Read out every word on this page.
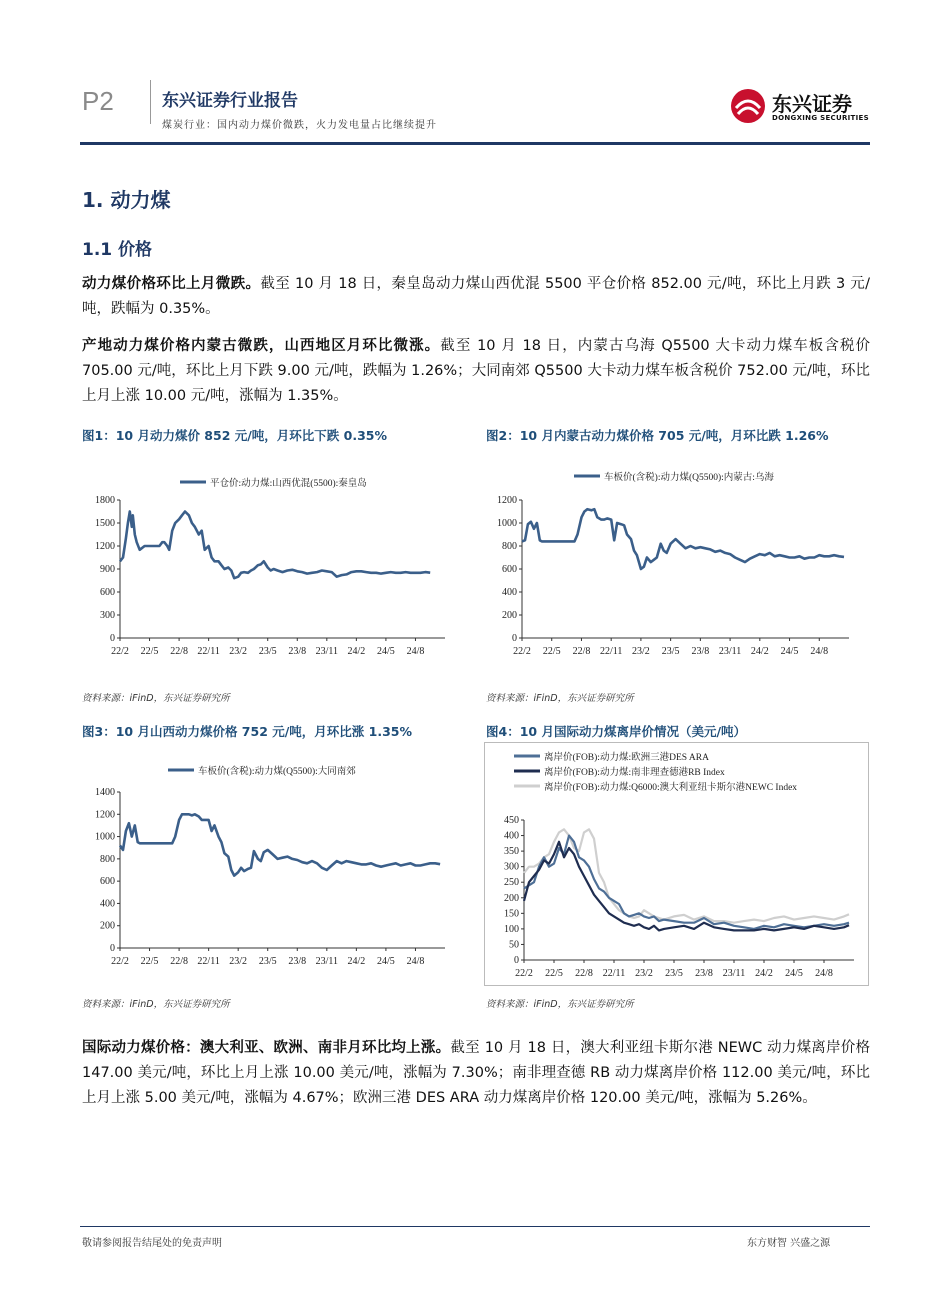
P2	东兴证券行业报告
煤炭行业：国内动力煤价微跌，火力发电量占比继续提升
东兴证券
DONGXING SECURITIES
1. 动力煤
1.1 价格
动力煤价格环比上月微跌。截至 10 月 18 日，秦皇岛动力煤山西优混 5500 平仓价格 852.00 元/吨，环比上月跌 3 元/吨，跌幅为 0.35%。
产地动力煤价格内蒙古微跌，山西地区月环比微涨。截至 10 月 18 日，内蒙古乌海 Q5500 大卡动力煤车板含税价 705.00 元/吨，环比上月下跌 9.00 元/吨，跌幅为 1.26%；大同南郊 Q5500 大卡动力煤车板含税价 752.00 元/吨，环比上月上涨 10.00 元/吨，涨幅为 1.35%。
图1：10 月动力煤价 852 元/吨，月环比下跌 0.35%	图2：10 月内蒙古动力煤价格 705 元/吨，月环比跌 1.26%
图3：10 月山西动力煤价格 752 元/吨，月环比涨 1.35%	图4：10 月国际动力煤离岸价情况（美元/吨）
资料来源：iFinD，东兴证券研究所	资料来源：iFinD，东兴证券研究所
资料来源：iFinD，东兴证券研究所	资料来源：iFinD，东兴证券研究所
0
300
600
900
1200
1500
1800
22/2 22/5 22/8 22/11 23/2 23/5 23/8 23/11 24/2 24/5 24/8
平仓价:动力煤:山西优混(5500):秦皇岛
0
200
400
600
800
1000
1200
22/2 22/5 22/8 22/11 23/2 23/5 23/8 23/11 24/2 24/5 24/8
车板价(含税):动力煤(Q5500):内蒙古:乌海
0
200
400
600
800
1000
1200
1400
22/2 22/5 22/8 22/11 23/2 23/5 23/8 23/11 24/2 24/5 24/8
车板价(含税):动力煤(Q5500):大同南郊
0
50
100
150
200
250
300
350
400
450
22/2 22/5 22/8 22/11 23/2 23/5 23/8 23/11 24/2 24/5 24/8
离岸价(FOB):动力煤:欧洲三港DES ARA
离岸价(FOB):动力煤:南非理查德港RB Index
离岸价(FOB):动力煤:Q6000:澳大利亚纽卡斯尔港NEWC Index
国际动力煤价格：澳大利亚、欧洲、南非月环比均上涨。截至 10 月 18 日，澳大利亚纽卡斯尔港 NEWC 动力煤离岸价格 147.00 美元/吨，环比上月上涨 10.00 美元/吨，涨幅为 7.30%；南非理查德 RB 动力煤离岸价格 112.00 美元/吨，环比上月上涨 5.00 美元/吨，涨幅为 4.67%；欧洲三港 DES ARA 动力煤离岸价格 120.00 美元/吨，涨幅为 5.26%。
敬请参阅报告结尾处的免责声明	东方财智 兴盛之源
